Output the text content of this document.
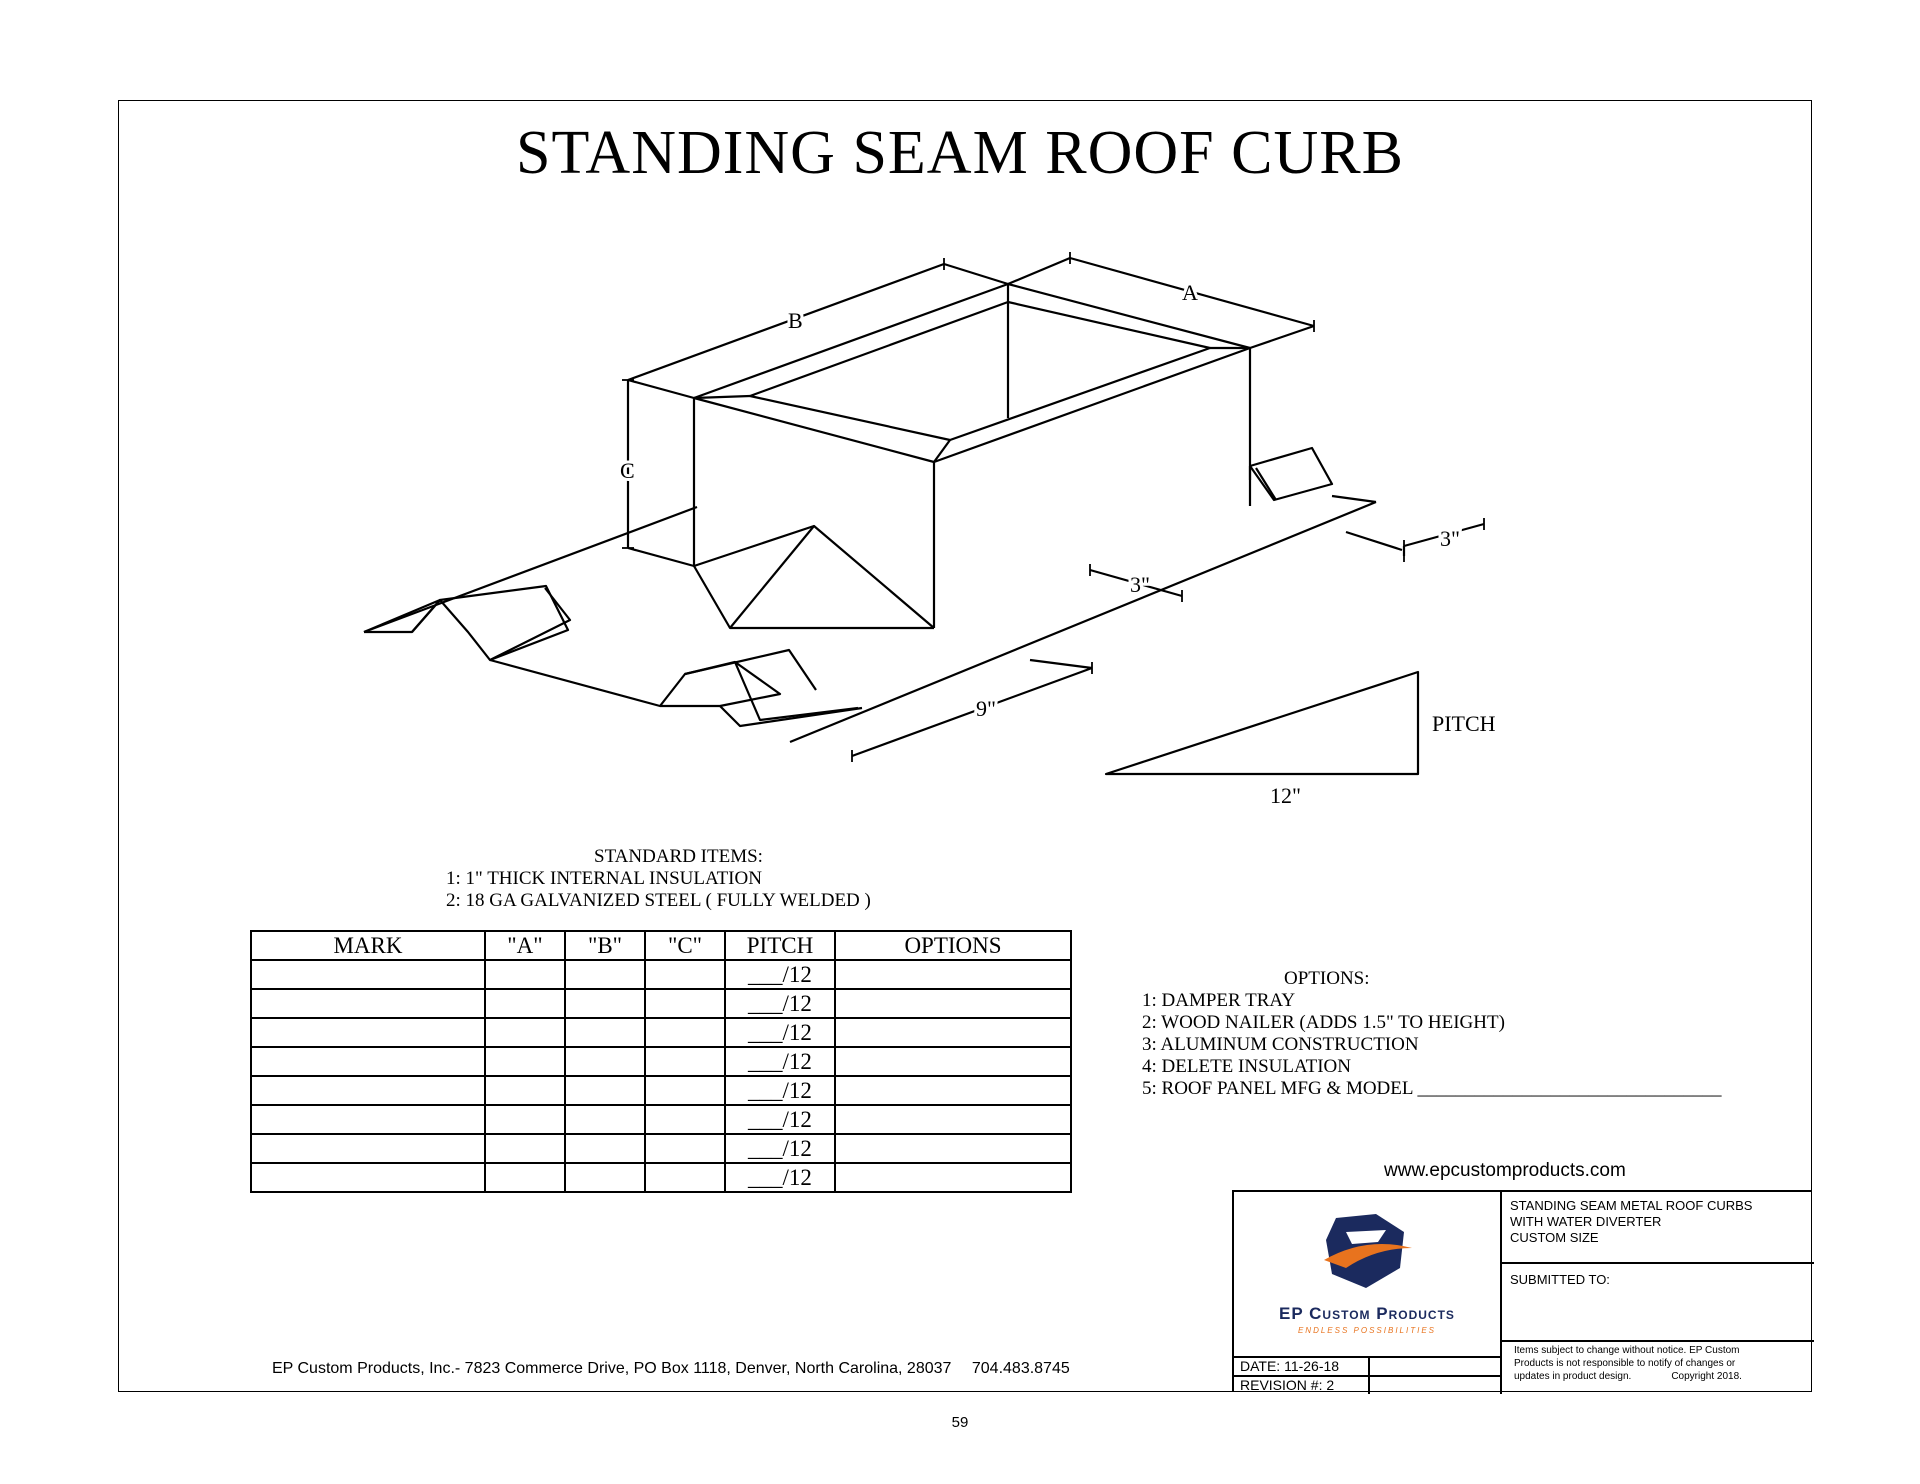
STANDING SEAM ROOF CURB
B
A
C
3"
3"
9"
PITCH
12"
STANDARD ITEMS:
1: 1" THICK INTERNAL INSULATION
2: 18 GA GALVANIZED STEEL ( FULLY WELDED )
MARK	"A"	"B"	"C"	PITCH	OPTIONS
				___/12	
				___/12	
				___/12	
				___/12	
				___/12	
				___/12	
				___/12	
				___/12	
OPTIONS:
1: DAMPER TRAY
2: WOOD NAILER (ADDS 1.5" TO HEIGHT)
3: ALUMINUM CONSTRUCTION
4: DELETE INSULATION
5: ROOF PANEL MFG & MODEL ________________________________
www.epcustomproducts.com
EP Custom Products
ENDLESS POSSIBILITIES
STANDING SEAM METAL ROOF CURBS
WITH WATER DIVERTER
CUSTOM SIZE
SUBMITTED TO:
Items subject to change without notice. EP Custom
Products is not responsible to notify of changes or
updates in product design.	Copyright 2018.
DATE: 11-26-18
REVISION #: 2
EP Custom Products, Inc.- 7823 Commerce Drive, PO Box 1118, Denver, North Carolina, 28037 704.483.8745
59
